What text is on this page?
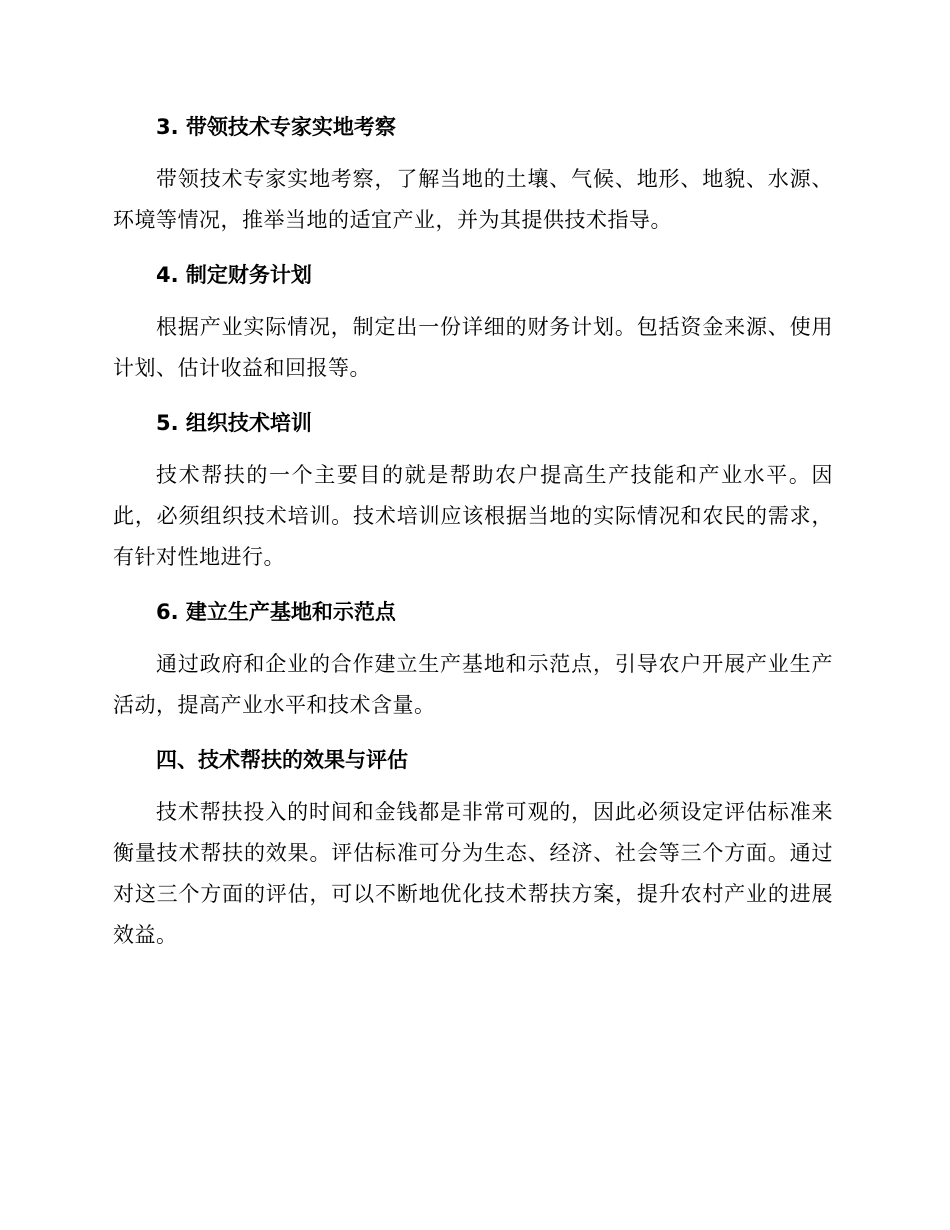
3. 带领技术专家实地考察

带领技术专家实地考察，了解当地的土壤、气候、地形、地貌、水源、环境等情况，推举当地的适宜产业，并为其提供技术指导。

4. 制定财务计划

根据产业实际情况，制定出一份详细的财务计划。包括资金来源、使用计划、估计收益和回报等。

5. 组织技术培训

技术帮扶的一个主要目的就是帮助农户提高生产技能和产业水平。因此，必须组织技术培训。技术培训应该根据当地的实际情况和农民的需求，有针对性地进行。

6. 建立生产基地和示范点

通过政府和企业的合作建立生产基地和示范点，引导农户开展产业生产活动，提高产业水平和技术含量。

四、技术帮扶的效果与评估

技术帮扶投入的时间和金钱都是非常可观的，因此必须设定评估标准来衡量技术帮扶的效果。评估标准可分为生态、经济、社会等三个方面。通过对这三个方面的评估，可以不断地优化技术帮扶方案，提升农村产业的进展效益。
